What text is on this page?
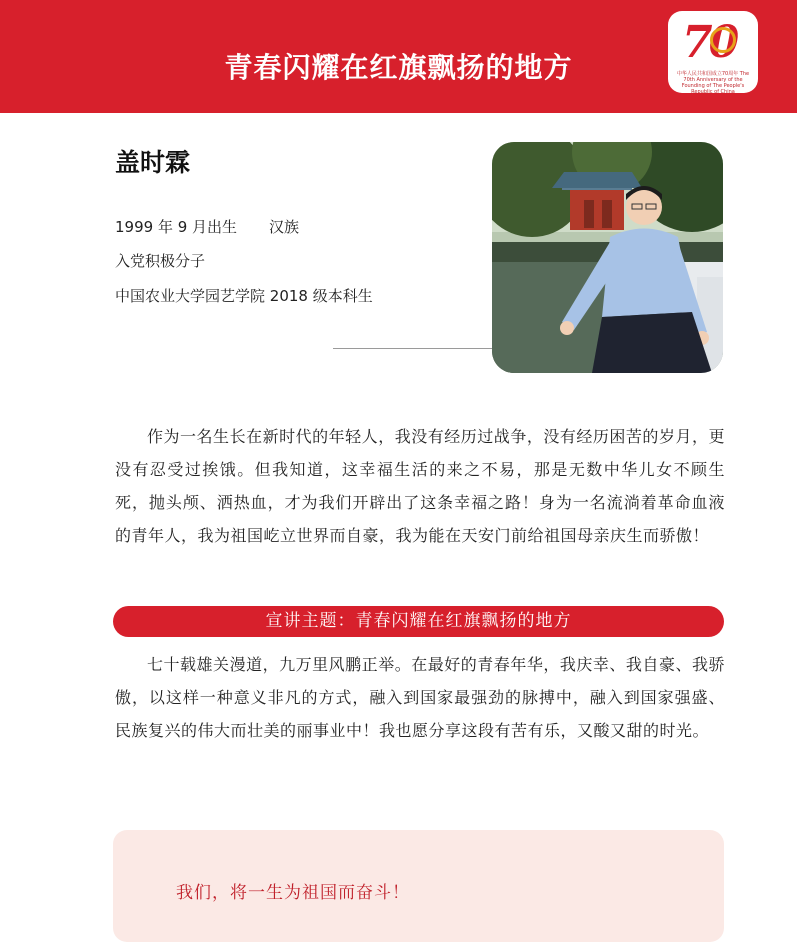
青春闪耀在红旗飘扬的地方	70
中华人民共和国成立70周年 The 70th Anniversary of the Founding of The People's Republic of China
盖时霖
1999 年 9 月出生 汉族
入党积极分子
中国农业大学园艺学院 2018 级本科生
作为一名生长在新时代的年轻人，我没有经历过战争，没有经历困苦的岁月，更没有忍受过挨饿。但我知道，这幸福生活的来之不易，那是无数中华儿女不顾生死，抛头颅、洒热血，才为我们开辟出了这条幸福之路！身为一名流淌着革命血液的青年人，我为祖国屹立世界而自豪，我为能在天安门前给祖国母亲庆生而骄傲！
宣讲主题：青春闪耀在红旗飘扬的地方
七十载雄关漫道，九万里风鹏正举。在最好的青春年华，我庆幸、我自豪、我骄傲，以这样一种意义非凡的方式，融入到国家最强劲的脉搏中，融入到国家强盛、民族复兴的伟大而壮美的丽事业中！我也愿分享这段有苦有乐，又酸又甜的时光。
我们，将一生为祖国而奋斗！
